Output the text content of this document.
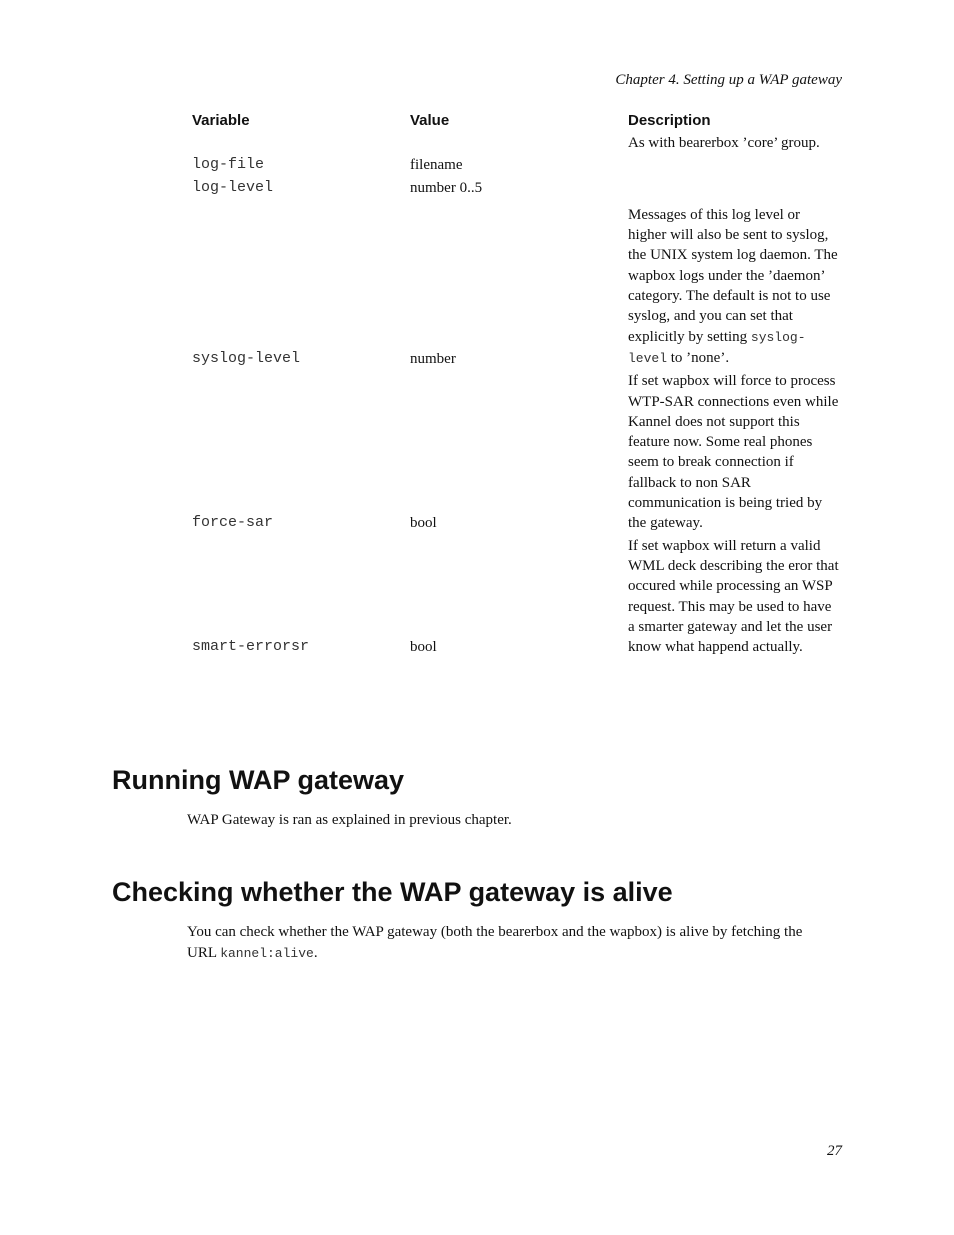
Chapter 4. Setting up a WAP gateway
Variable	Value	Description
		As with bearerbox ’core’ group.
log-file	filename	
log-level	number 0..5	
syslog-level	number	Messages of this log level or higher will also be sent to syslog, the UNIX system log daemon. The wapbox logs under the ’daemon’ category. The default is not to use syslog, and you can set that explicitly by setting syslog-level to ’none’.
force-sar	bool	If set wapbox will force to process WTP-SAR connections even while Kannel does not support this feature now. Some real phones seem to break connection if fallback to non SAR communication is being tried by the gateway.
smart-errorsr	bool	If set wapbox will return a valid WML deck describing the eror that occured while processing an WSP request. This may be used to have a smarter gateway and let the user know what happend actually.
Running WAP gateway

WAP Gateway is ran as explained in previous chapter.

Checking whether the WAP gateway is alive

You can check whether the WAP gateway (both the bearerbox and the wapbox) is alive by fetching the URL kannel:alive.

27
